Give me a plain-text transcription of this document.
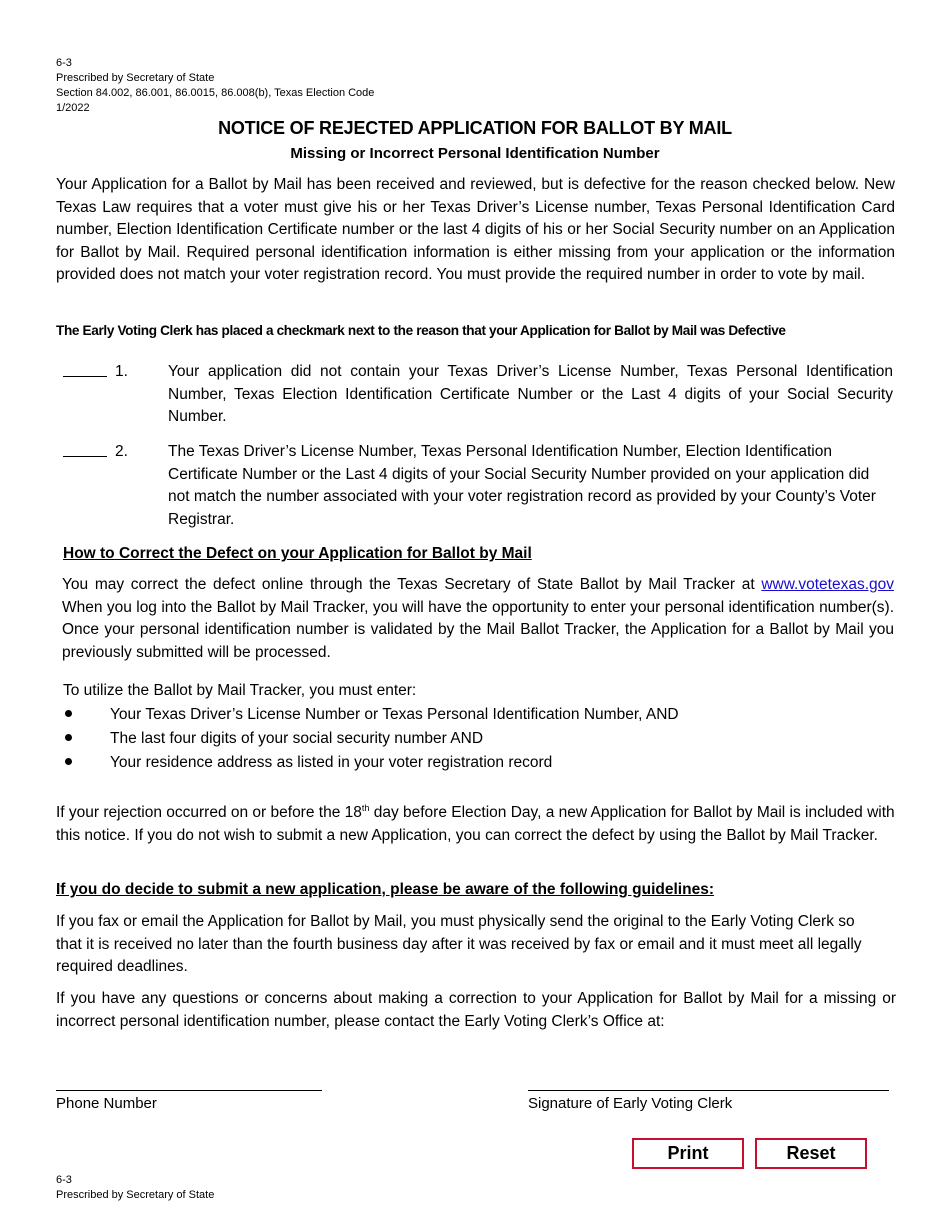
6-3
Prescribed by Secretary of State
Section 84.002, 86.001, 86.0015, 86.008(b), Texas Election Code
1/2022
NOTICE OF REJECTED APPLICATION FOR BALLOT BY MAIL
Missing or Incorrect Personal Identification Number
Your Application for a Ballot by Mail has been received and reviewed, but is defective for the reason checked below. New Texas Law requires that a voter must give his or her Texas Driver’s License number, Texas Personal Identification Card number, Election Identification Certificate number or the last 4 digits of his or her Social Security number on an Application for Ballot by Mail. Required personal identification information is either missing from your application or the information provided does not match your voter registration record. You must provide the required number in order to vote by mail.
The Early Voting Clerk has placed a checkmark next to the reason that your Application for Ballot by Mail was Defective
1.	Your application did not contain your Texas Driver’s License Number, Texas Personal Identification Number, Texas Election Identification Certificate Number or the Last 4 digits of your Social Security Number.
2.	The Texas Driver’s License Number, Texas Personal Identification Number, Election Identification Certificate Number or the Last 4 digits of your Social Security Number provided on your application did not match the number associated with your voter registration record as provided by your County’s Voter Registrar.
How to Correct the Defect on your Application for Ballot by Mail
You may correct the defect online through the Texas Secretary of State Ballot by Mail Tracker at www.votetexas.gov When you log into the Ballot by Mail Tracker, you will have the opportunity to enter your personal identification number(s). Once your personal identification number is validated by the Mail Ballot Tracker, the Application for a Ballot by Mail you previously submitted will be processed.
To utilize the Ballot by Mail Tracker, you must enter:
Your Texas Driver’s License Number or Texas Personal Identification Number, AND
The last four digits of your social security number AND
Your residence address as listed in your voter registration record
If your rejection occurred on or before the 18th day before Election Day, a new Application for Ballot by Mail is included with this notice. If you do not wish to submit a new Application, you can correct the defect by using the Ballot by Mail Tracker.
If you do decide to submit a new application, please be aware of the following guidelines:
If you fax or email the Application for Ballot by Mail, you must physically send the original to the Early Voting Clerk so that it is received no later than the fourth business day after it was received by fax or email and it must meet all legally required deadlines.
If you have any questions or concerns about making a correction to your Application for Ballot by Mail for a missing or incorrect personal identification number, please contact the Early Voting Clerk’s Office at:
Phone Number	Signature of Early Voting Clerk
Print	Reset
6-3
Prescribed by Secretary of State
